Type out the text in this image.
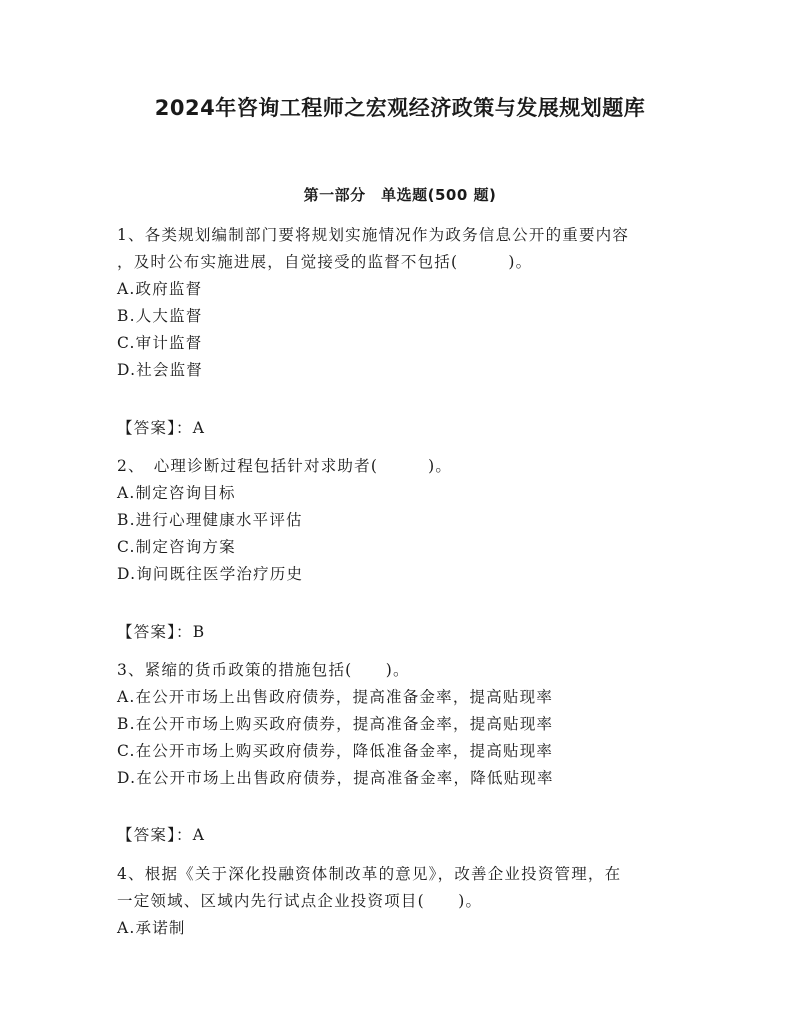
2024年咨询工程师之宏观经济政策与发展规划题库
第一部分　单选题(500 题)
1、各类规划编制部门要将规划实施情况作为政务信息公开的重要内容
，及时公布实施进展，自觉接受的监督不包括(　　　)。
A.政府监督
B.人大监督
C.审计监督
D.社会监督
【答案】：A
2、　心理诊断过程包括针对求助者(　　　)。
A.制定咨询目标
B.进行心理健康水平评估
C.制定咨询方案
D.询问既往医学治疗历史
【答案】：B
3、紧缩的货币政策的措施包括(　　)。
A.在公开市场上出售政府债券，提高准备金率，提高贴现率
B.在公开市场上购买政府债券，提高准备金率，提高贴现率
C.在公开市场上购买政府债券，降低准备金率，提高贴现率
D.在公开市场上出售政府债券，提高准备金率，降低贴现率
【答案】：A
4、根据《关于深化投融资体制改革的意见》，改善企业投资管理，在
一定领域、区域内先行试点企业投资项目(　　)。
A.承诺制
